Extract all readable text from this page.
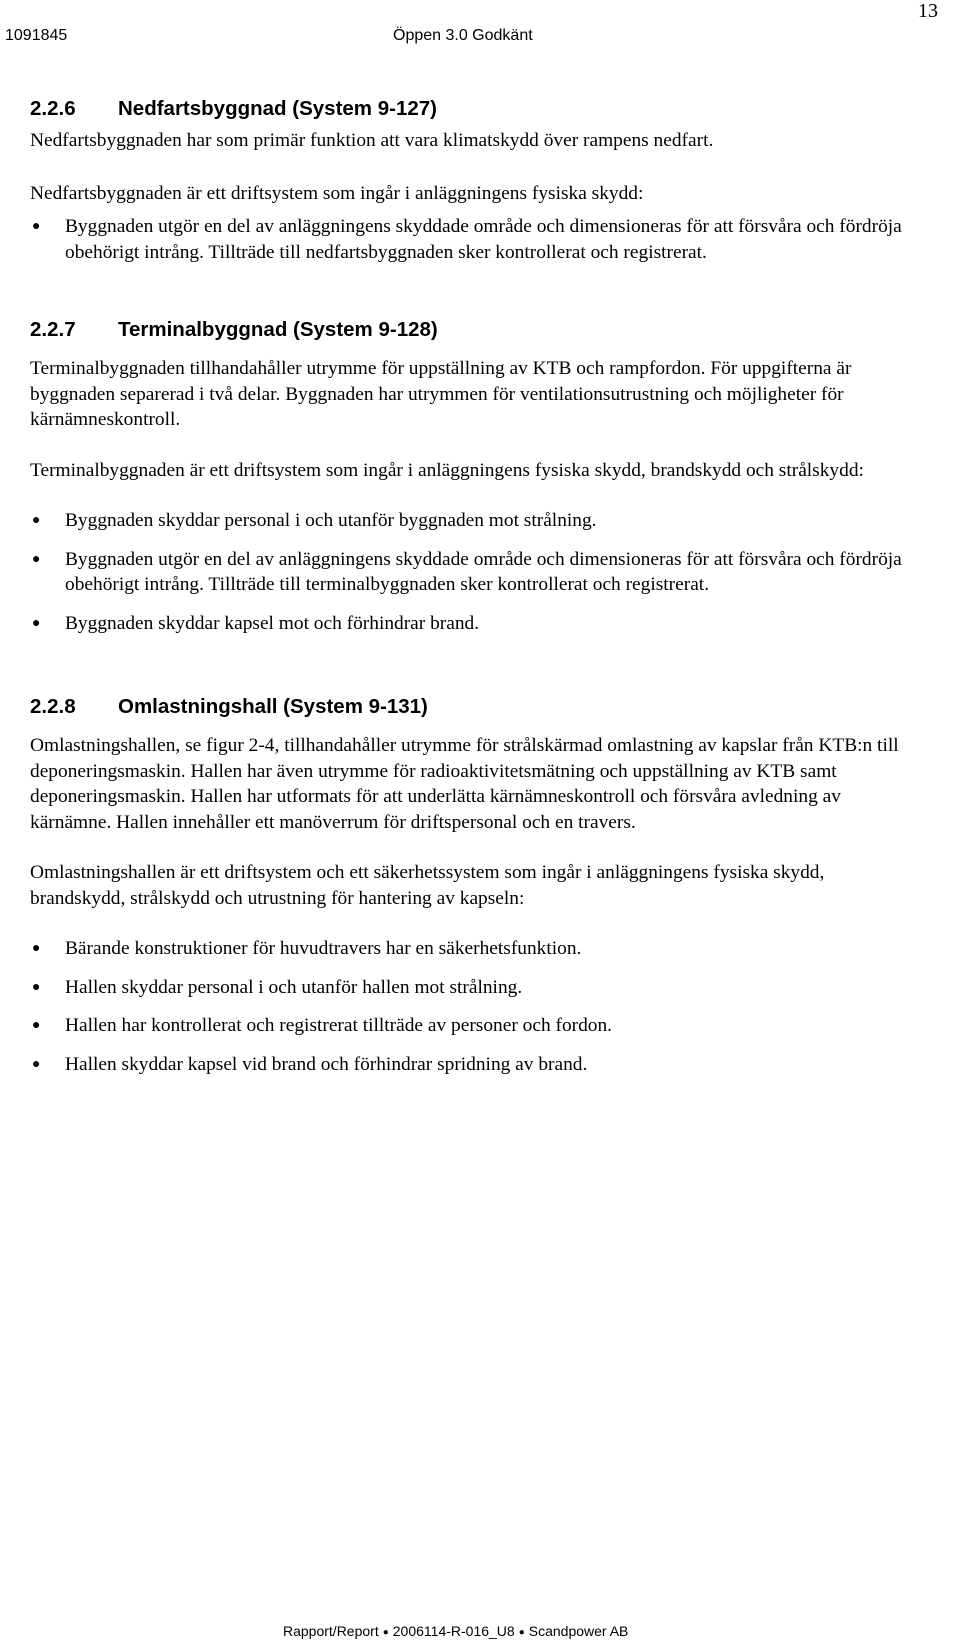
13
1091845	Öppen 3.0 Godkänt
2.2.6 Nedfartsbyggnad (System 9-127)

Nedfartsbyggnaden har som primär funktion att vara klimatskydd över rampens nedfart.

Nedfartsbyggnaden är ett driftsystem som ingår i anläggningens fysiska skydd:

● Byggnaden utgör en del av anläggningens skyddade område och dimensioneras för att försvåra och fördröja obehörigt intrång. Tillträde till nedfartsbyggnaden sker kontrollerat och registrerat.
2.2.7 Terminalbyggnad (System 9-128)

Terminalbyggnaden tillhandahåller utrymme för uppställning av KTB och rampfordon. För uppgifterna är byggnaden separerad i två delar. Byggnaden har utrymmen för ventilationsutrustning och möjligheter för kärnämneskontroll.

Terminalbyggnaden är ett driftsystem som ingår i anläggningens fysiska skydd, brandskydd och strålskydd:

● Byggnaden skyddar personal i och utanför byggnaden mot strålning.
● Byggnaden utgör en del av anläggningens skyddade område och dimensioneras för att försvåra och fördröja obehörigt intrång. Tillträde till terminalbyggnaden sker kontrollerat och registrerat.
● Byggnaden skyddar kapsel mot och förhindrar brand.
2.2.8 Omlastningshall (System 9-131)

Omlastningshallen, se figur 2-4, tillhandahåller utrymme för strålskärmad omlastning av kapslar från KTB:n till deponeringsmaskin. Hallen har även utrymme för radioaktivitetsmätning och uppställning av KTB samt deponeringsmaskin. Hallen har utformats för att underlätta kärnämneskontroll och försvåra avledning av kärnämne. Hallen innehåller ett manöverrum för driftspersonal och en travers.

Omlastningshallen är ett driftsystem och ett säkerhetssystem som ingår i anläggningens fysiska skydd, brandskydd, strålskydd och utrustning för hantering av kapseln:

● Bärande konstruktioner för huvudtravers har en säkerhetsfunktion.
● Hallen skyddar personal i och utanför hallen mot strålning.
● Hallen har kontrollerat och registrerat tillträde av personer och fordon.
● Hallen skyddar kapsel vid brand och förhindrar spridning av brand.
Rapport/Report ● 2006114-R-016_U8 ● Scandpower AB
